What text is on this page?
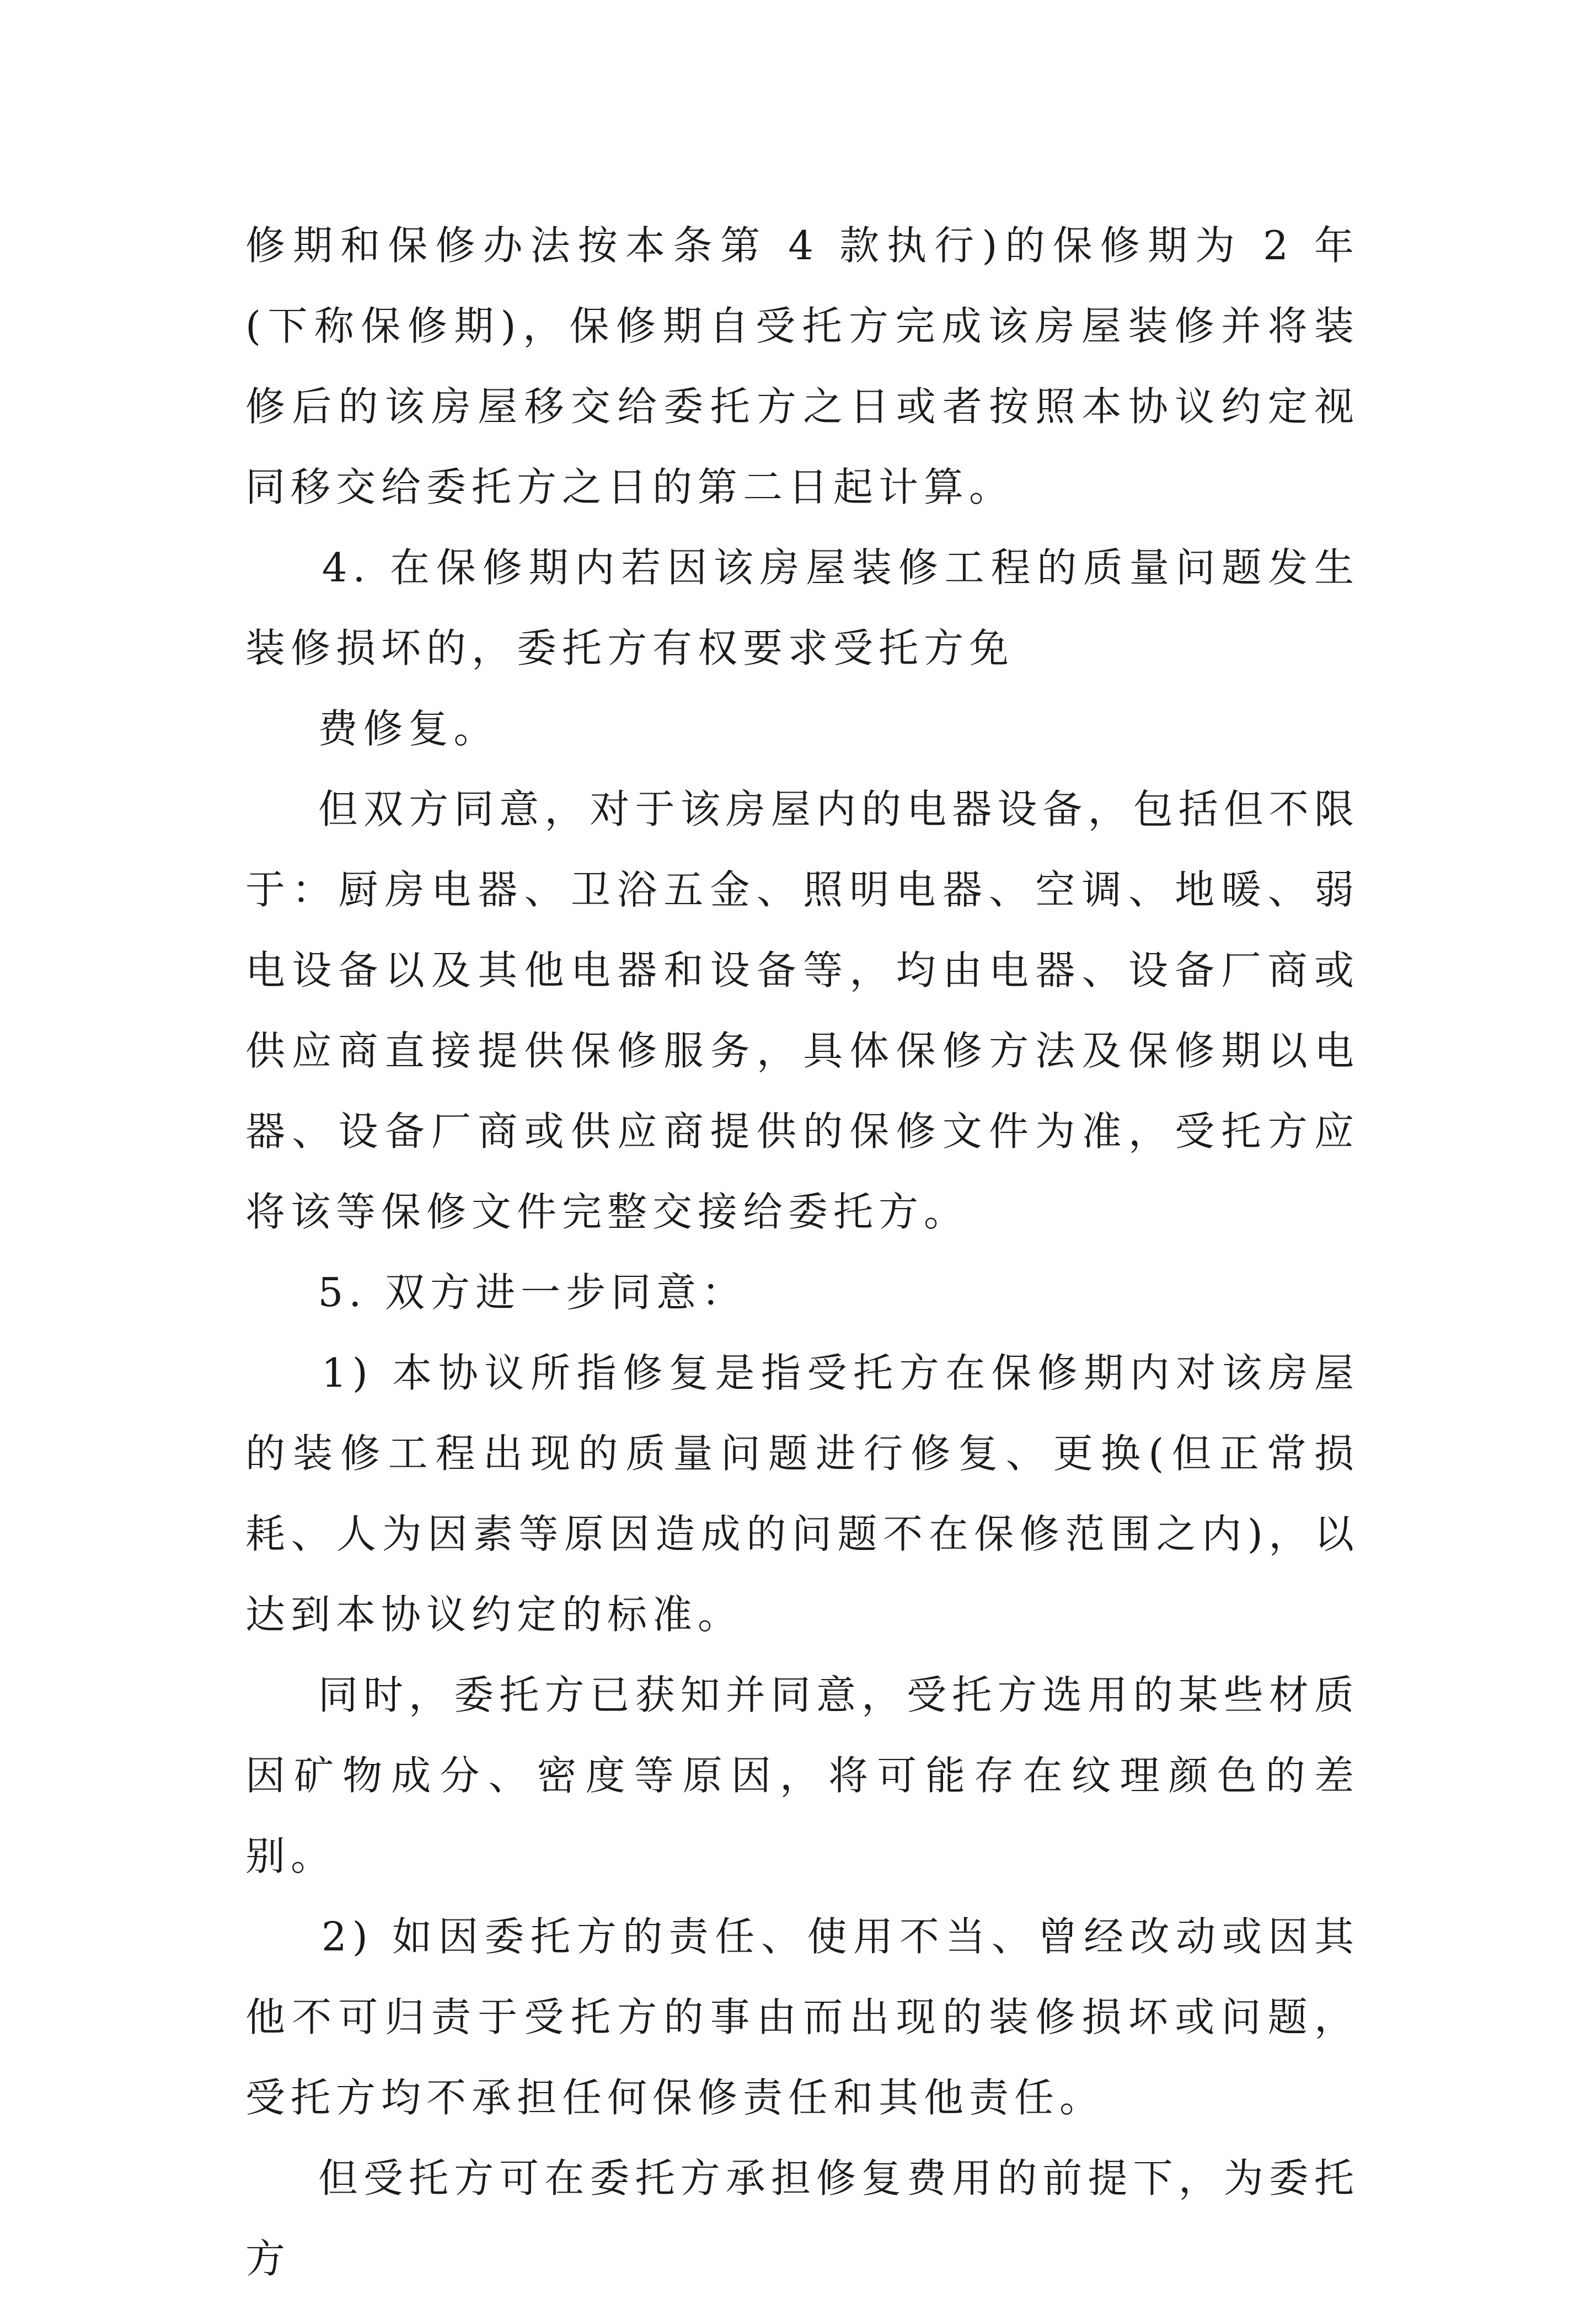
修期和保修办法按本条第 4 款执行)的保修期为 2 年(下称保修期)，保修期自受托方完成该房屋装修并将装修后的该房屋移交给委托方之日或者按照本协议约定视同移交给委托方之日的第二日起计算。

4. 在保修期内若因该房屋装修工程的质量问题发生装修损坏的，委托方有权要求受托方免

费修复。

但双方同意，对于该房屋内的电器设备，包括但不限于：厨房电器、卫浴五金、照明电器、空调、地暖、弱电设备以及其他电器和设备等，均由电器、设备厂商或供应商直接提供保修服务，具体保修方法及保修期以电器、设备厂商或供应商提供的保修文件为准，受托方应将该等保修文件完整交接给委托方。

5. 双方进一步同意：

1) 本协议所指修复是指受托方在保修期内对该房屋的装修工程出现的质量问题进行修复、更换(但正常损耗、人为因素等原因造成的问题不在保修范围之内)，以达到本协议约定的标准。

同时，委托方已获知并同意，受托方选用的某些材质因矿物成分、密度等原因，将可能存在纹理颜色的差别。

2) 如因委托方的责任、使用不当、曾经改动或因其他不可归责于受托方的事由而出现的装修损坏或问题，受托方均不承担任何保修责任和其他责任。

但受托方可在委托方承担修复费用的前提下，为委托方
